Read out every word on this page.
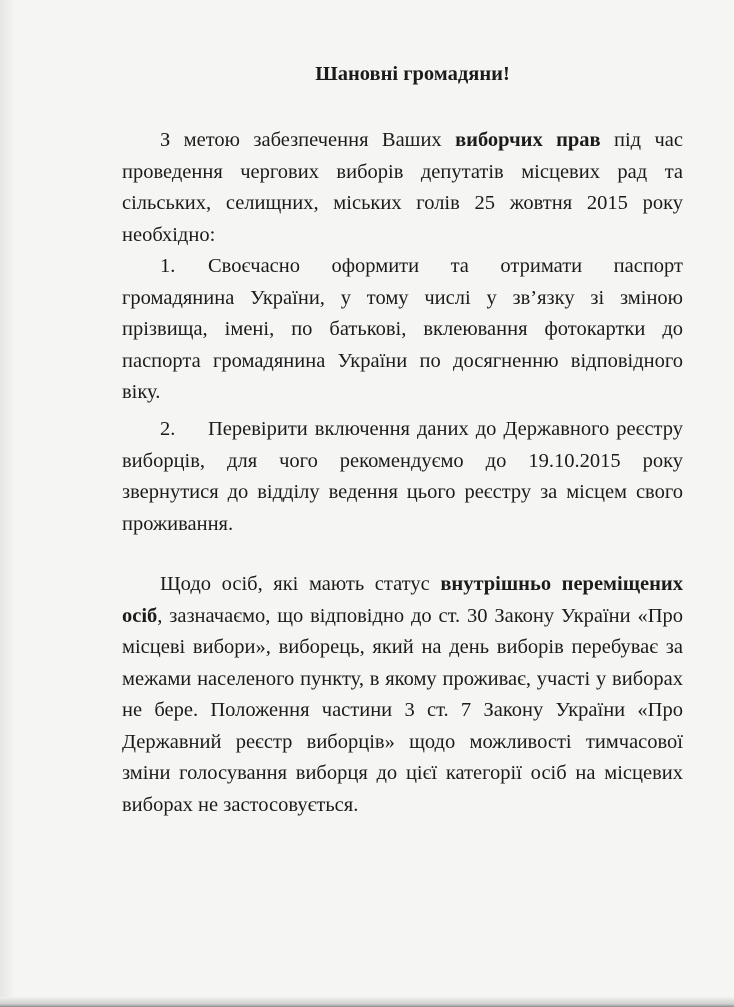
Шановні громадяни!

З метою забезпечення Ваших виборчих прав під час проведення чергових виборів депутатів місцевих рад та сільських, селищних, міських голів 25 жовтня 2015 року необхідно:

1. Своєчасно оформити та отримати паспорт громадянина України, у тому числі у зв’язку зі зміною прізвища, імені, по батькові, вклеювання фотокартки до паспорта громадянина України по досягненню відповідного віку.

2. Перевірити включення даних до Державного реєстру виборців, для чого рекомендуємо до 19.10.2015 року звернутися до відділу ведення цього реєстру за місцем свого проживання.

Щодо осіб, які мають статус внутрішньо переміщених осіб, зазначаємо, що відповідно до ст. 30 Закону України «Про місцеві вибори», виборець, який на день виборів перебуває за межами населеного пункту, в якому проживає, участі у виборах не бере. Положення частини 3 ст. 7 Закону України «Про Державний реєстр виборців» щодо можливості тимчасової зміни голосування виборця до цієї категорії осіб на місцевих виборах не застосовується.
